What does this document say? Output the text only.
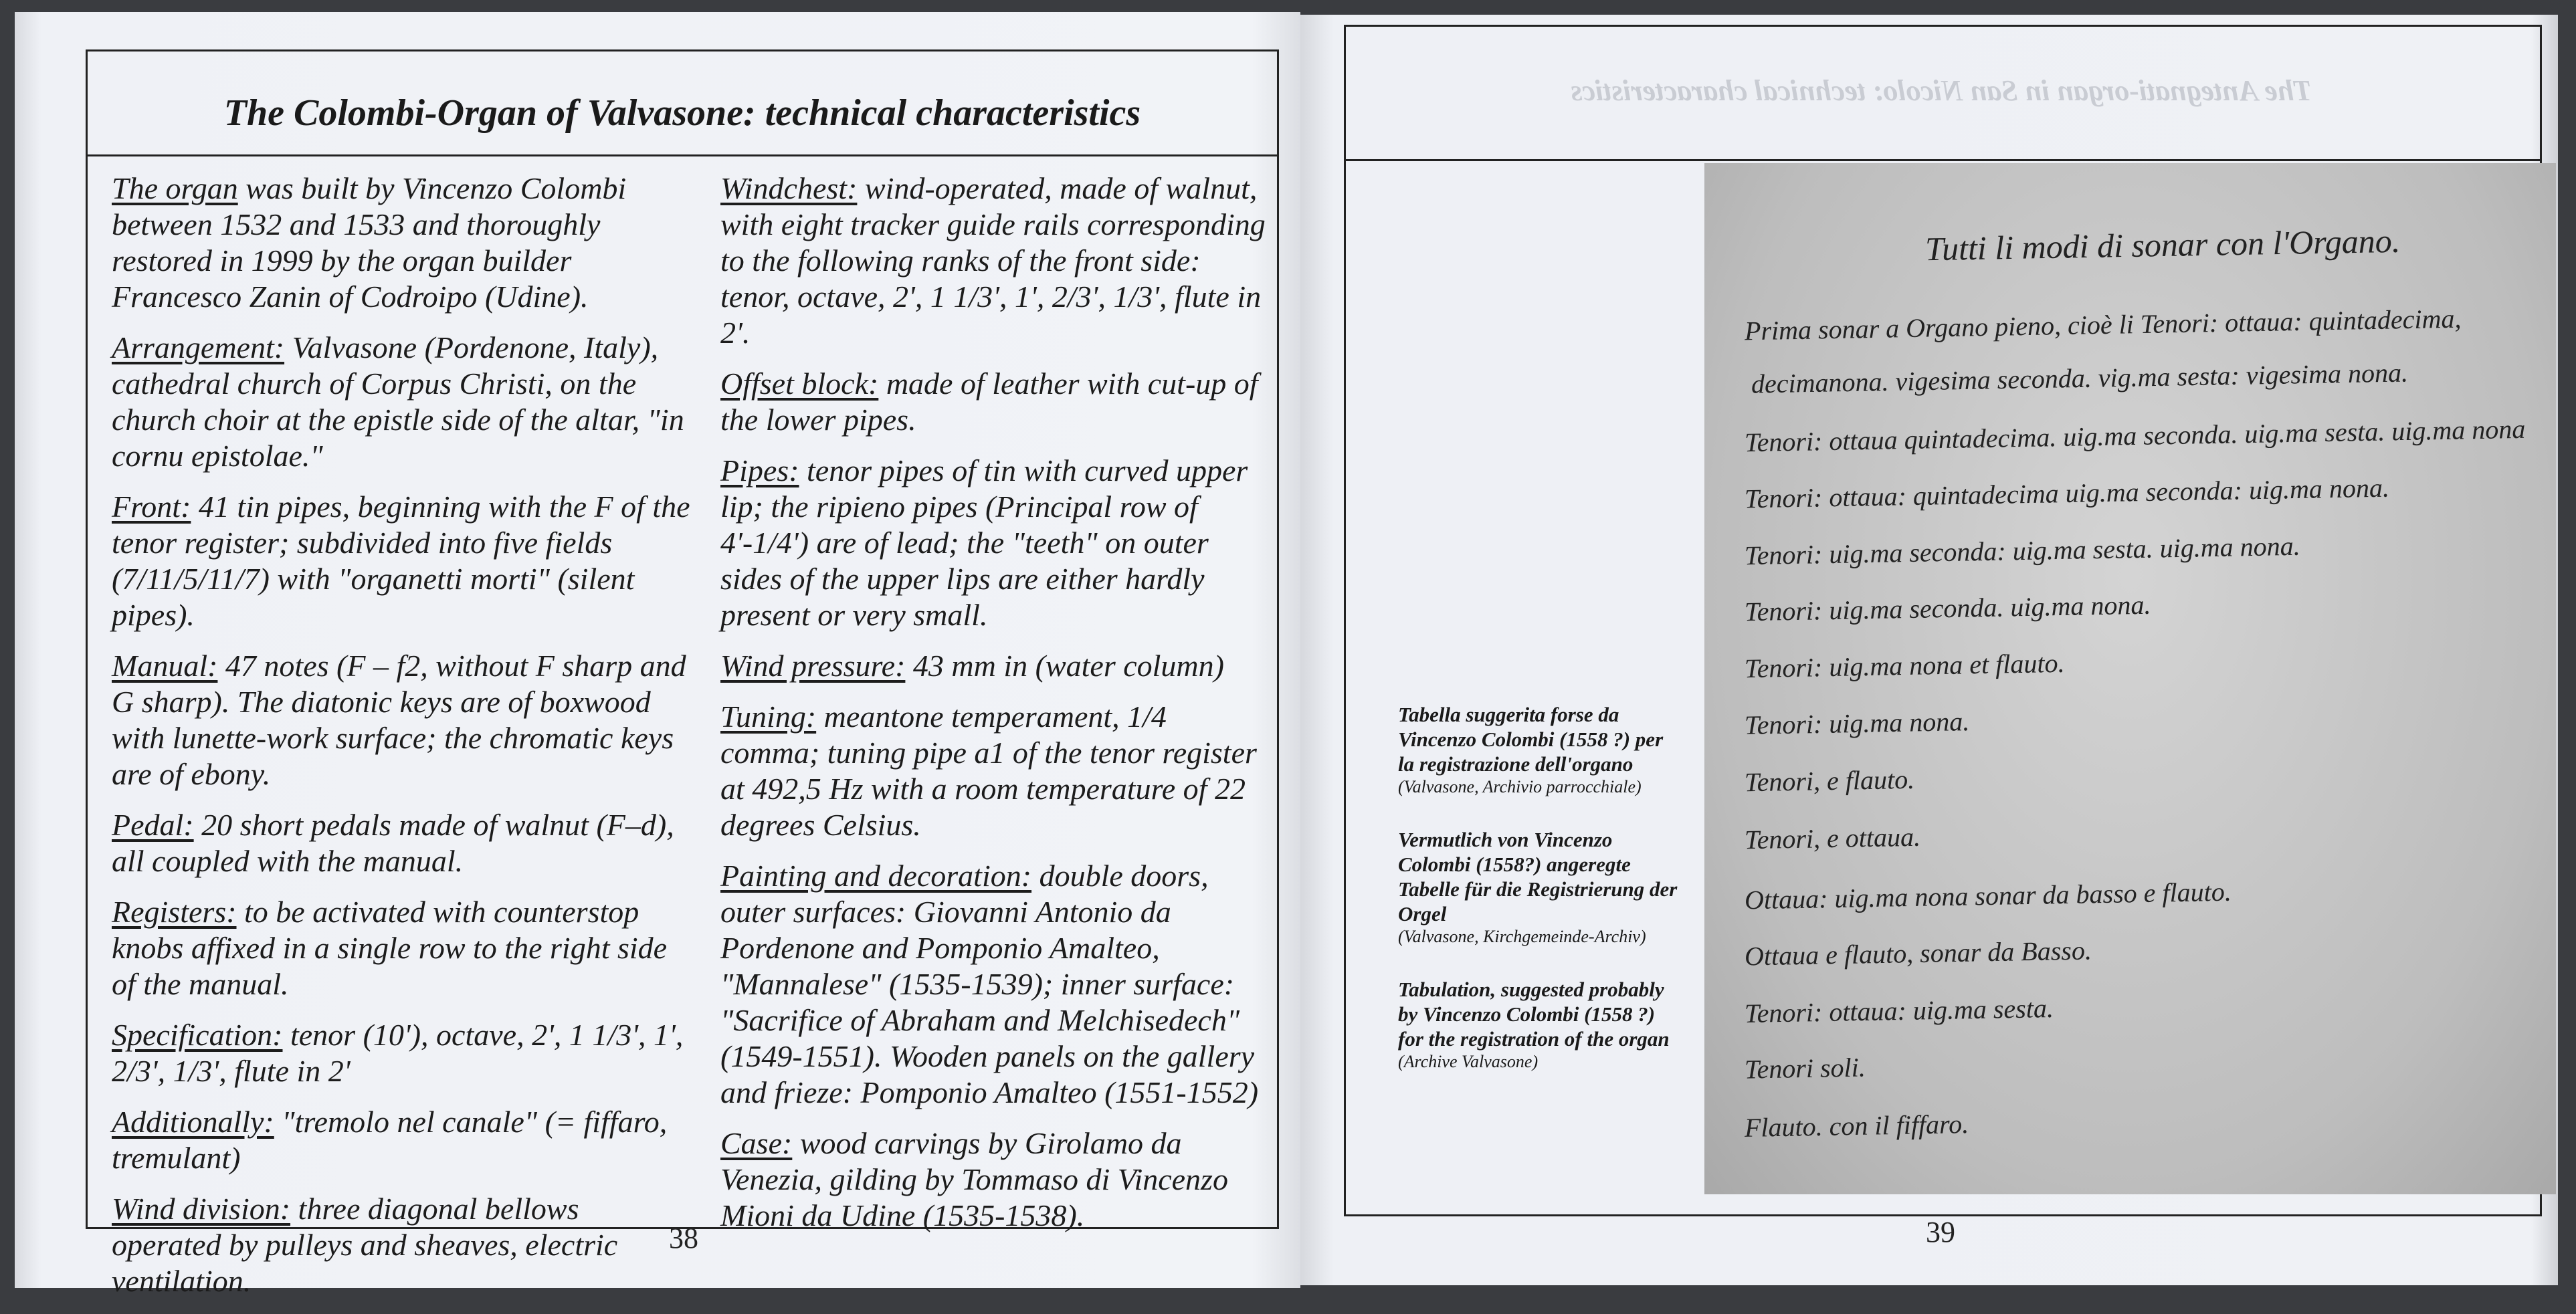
The Colombi-Organ of Valvasone: technical characteristics

The organ was built by Vincenzo Colombi between 1532 and 1533 and thoroughly restored in 1999 by the organ builder Francesco Zanin of Codroipo (Udine).

Arrangement: Valvasone (Pordenone, Italy), cathedral church of Corpus Christi, on the church choir at the epistle side of the altar, "in cornu epistolae."

Front: 41 tin pipes, beginning with the F of the tenor register; subdivided into five fields (7/11/5/11/7) with "organetti morti" (silent pipes).

Manual: 47 notes (F – f2, without F sharp and G sharp). The diatonic keys are of boxwood with lunette-work surface; the chromatic keys are of ebony.

Pedal: 20 short pedals made of walnut (F–d), all coupled with the manual.

Registers: to be activated with counterstop knobs affixed in a single row to the right side of the manual.

Specification: tenor (10'), octave, 2', 1 1/3', 1', 2/3', 1/3', flute in 2'

Additionally: "tremolo nel canale" (= fiffaro, tremulant)

Wind division: three diagonal bellows operated by pulleys and sheaves, electric ventilation.

Windchest: wind-operated, made of walnut, with eight tracker guide rails corresponding to the following ranks of the front side: tenor, octave, 2', 1 1/3', 1', 2/3', 1/3', flute in 2'.

Offset block: made of leather with cut-up of the lower pipes.

Pipes: tenor pipes of tin with curved upper lip; the ripieno pipes (Principal row of 4'-1/4') are of lead; the "teeth" on outer sides of the upper lips are either hardly present or very small.

Wind pressure: 43 mm in (water column)

Tuning: meantone temperament, 1/4 comma; tuning pipe a1 of the tenor register at 492,5 Hz with a room temperature of 22 degrees Celsius.

Painting and decoration: double doors, outer surfaces: Giovanni Antonio da Pordenone and Pomponio Amalteo, "Mannalese" (1535-1539); inner surface: "Sacrifice of Abraham and Melchisedech" (1549-1551). Wooden panels on the gallery and frieze: Pomponio Amalteo (1551-1552)

Case: wood carvings by Girolamo da Venezia, gilding by Tommaso di Vincenzo Mioni da Udine (1535-1538).

38
The Antegnati-organ in San Nicolo: technical characteristics
Tutti li modi di sonar con l'Organo.
Prima sonar a Organo pieno, cioè li Tenori: ottaua: quintadecima,
decimanona. vigesima seconda. vig.ma sesta: vigesima nona.
Tenori: ottaua quintadecima. uig.ma seconda. uig.ma sesta. uig.ma nona
Tenori: ottaua: quintadecima uig.ma seconda: uig.ma nona.
Tenori: uig.ma seconda: uig.ma sesta. uig.ma nona.
Tenori: uig.ma seconda. uig.ma nona.
Tenori: uig.ma nona et flauto.
Tenori: uig.ma nona.
Tenori, e flauto.
Tenori, e ottaua.
Ottaua: uig.ma nona sonar da basso e flauto.
Ottaua e flauto, sonar da Basso.
Tenori: ottaua: uig.ma sesta.
Tenori soli.
Flauto. con il fiffaro.
Tabella suggerita forse da Vincenzo Colombi (1558 ?) per la registrazione dell'organo
(Valvasone, Archivio parrocchiale)
Vermutlich von Vincenzo Colombi (1558?) angeregte Tabelle für die Registrierung der Orgel
(Valvasone, Kirchgemeinde-Archiv)
Tabulation, suggested probably by Vincenzo Colombi (1558 ?) for the registration of the organ
(Archive Valvasone)
39
